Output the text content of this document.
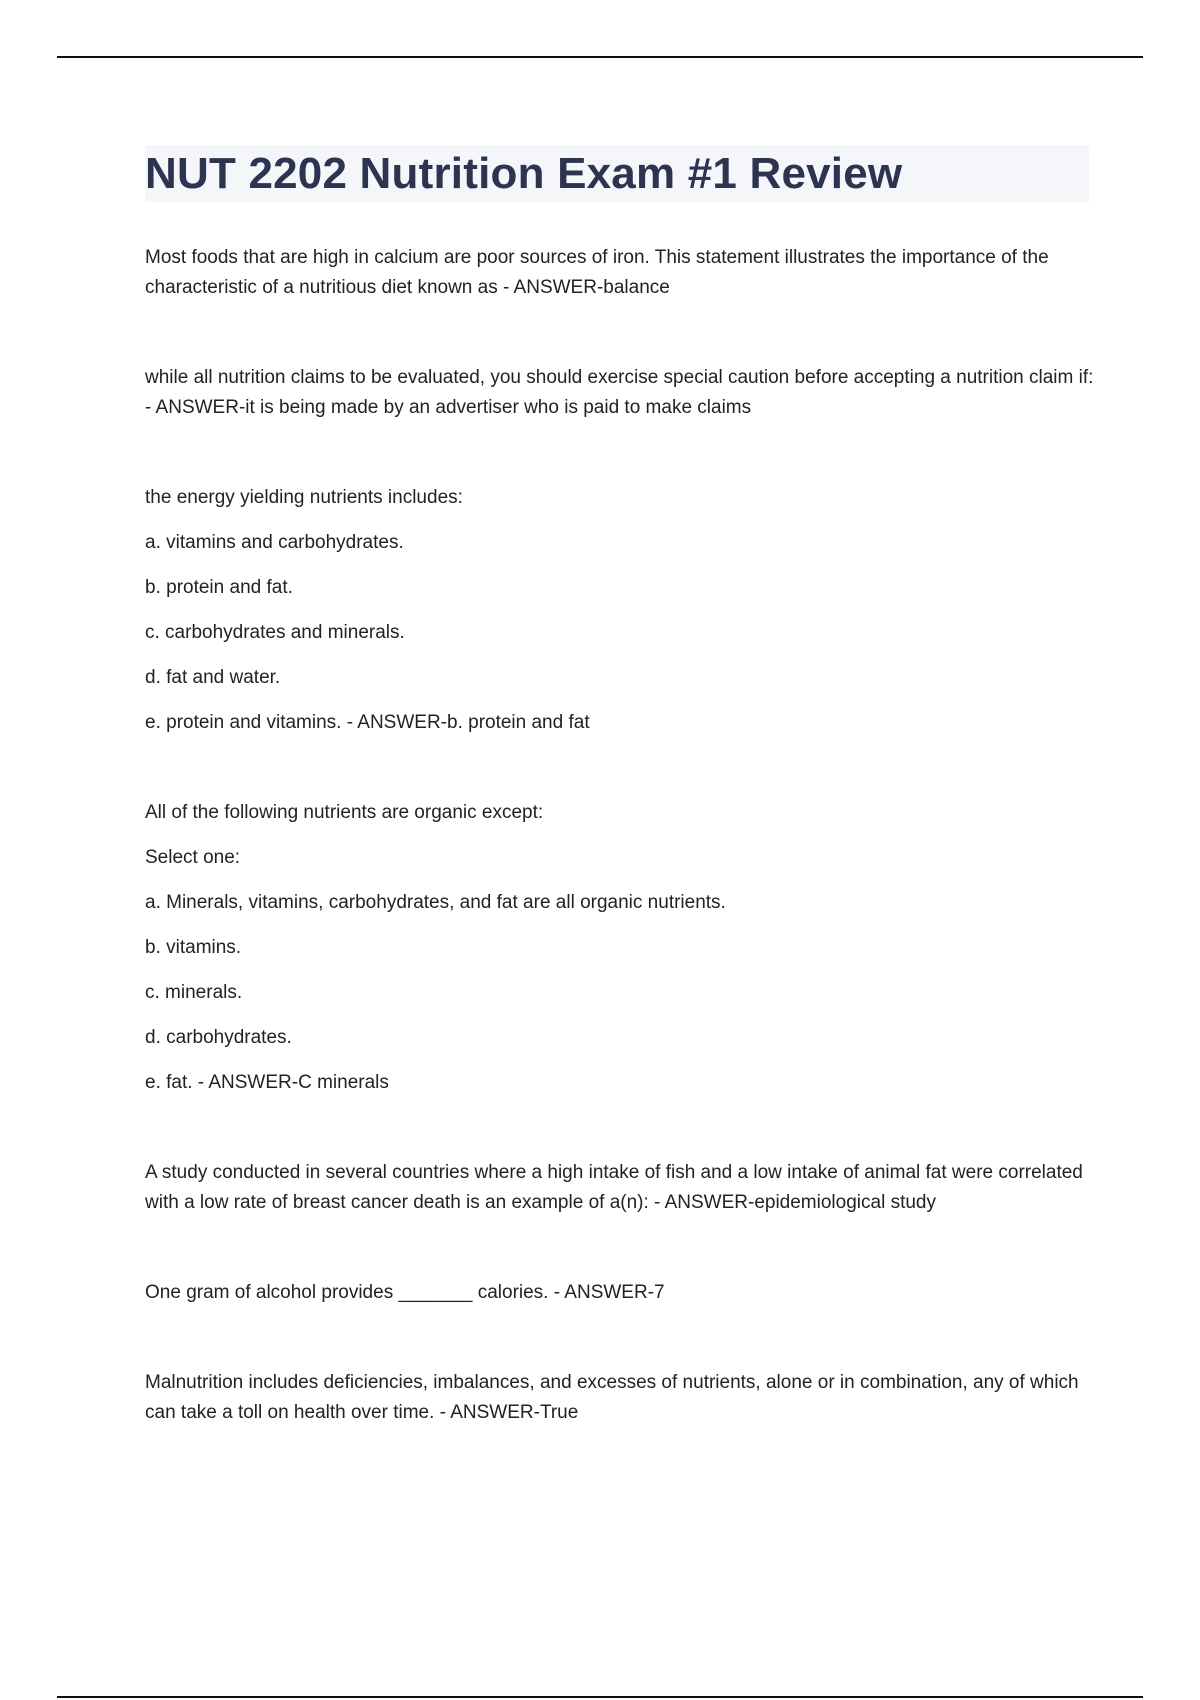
NUT 2202 Nutrition Exam #1 Review

Most foods that are high in calcium are poor sources of iron. This statement illustrates the importance of the characteristic of a nutritious diet known as - ANSWER-balance

while all nutrition claims to be evaluated, you should exercise special caution before accepting a nutrition claim if: - ANSWER-it is being made by an advertiser who is paid to make claims

the energy yielding nutrients includes:

a. vitamins and carbohydrates.

b. protein and fat.

c. carbohydrates and minerals.

d. fat and water.

e. protein and vitamins. - ANSWER-b. protein and fat

All of the following nutrients are organic except:

Select one:

a. Minerals, vitamins, carbohydrates, and fat are all organic nutrients.

b. vitamins.

c. minerals.

d. carbohydrates.

e. fat. - ANSWER-C minerals

A study conducted in several countries where a high intake of fish and a low intake of animal fat were correlated with a low rate of breast cancer death is an example of a(n): - ANSWER-epidemiological study

One gram of alcohol provides _______ calories. - ANSWER-7

Malnutrition includes deficiencies, imbalances, and excesses of nutrients, alone or in combination, any of which can take a toll on health over time. - ANSWER-True
